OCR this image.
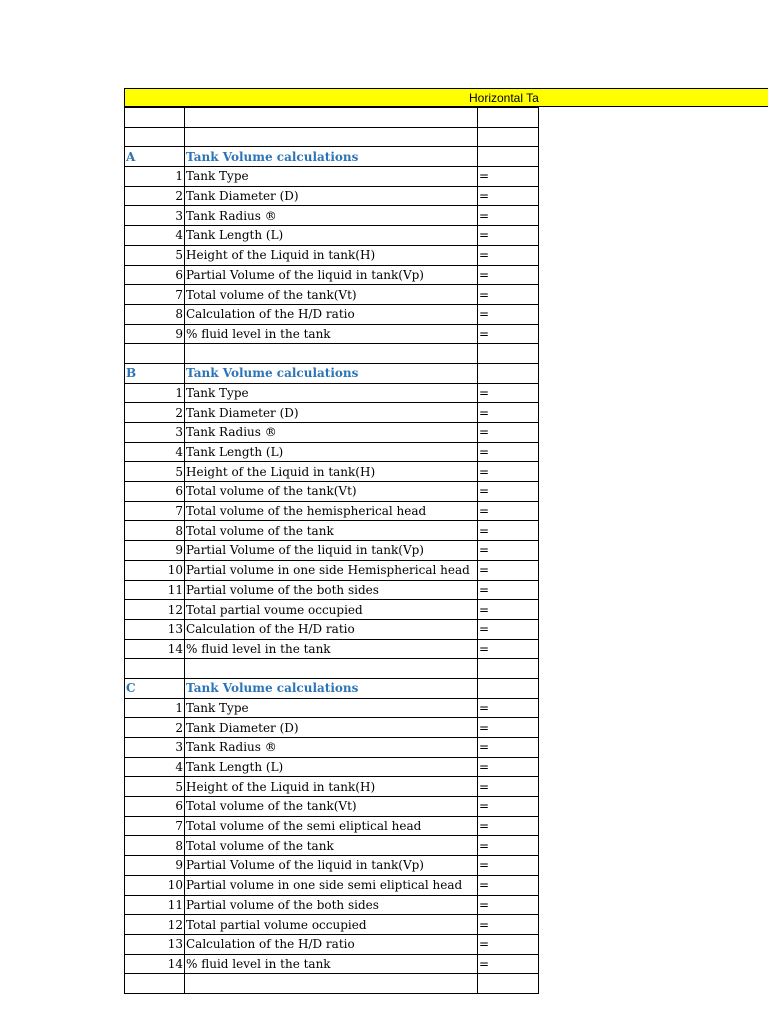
Horizontal Ta

A	Tank Volume calculations	
1	Tank Type	=
2	Tank Diameter (D)	=
3	Tank Radius ®	=
4	Tank Length (L)	=
5	Height of the Liquid in tank(H)	=
6	Partial Volume of the liquid in tank(Vp)	=
7	Total volume of the tank(Vt)	=
8	Calculation of the H/D ratio	=
9	% fluid level in the tank	=

B	Tank Volume calculations	
1	Tank Type	=
2	Tank Diameter (D)	=
3	Tank Radius ®	=
4	Tank Length (L)	=
5	Height of the Liquid in tank(H)	=
6	Total volume of the tank(Vt)	=
7	Total volume of the hemispherical head	=
8	Total volume of the tank	=
9	Partial Volume of the liquid in tank(Vp)	=
10	Partial volume in one side Hemispherical head	=
11	Partial volume of the both sides	=
12	Total partial voume occupied	=
13	Calculation of the H/D ratio	=
14	% fluid level in the tank	=

C	Tank Volume calculations	
1	Tank Type	=
2	Tank Diameter (D)	=
3	Tank Radius ®	=
4	Tank Length (L)	=
5	Height of the Liquid in tank(H)	=
6	Total volume of the tank(Vt)	=
7	Total volume of the semi eliptical head	=
8	Total volume of the tank	=
9	Partial Volume of the liquid in tank(Vp)	=
10	Partial volume in one side semi eliptical head	=
11	Partial volume of the both sides	=
12	Total partial volume occupied	=
13	Calculation of the H/D ratio	=
14	% fluid level in the tank	=
